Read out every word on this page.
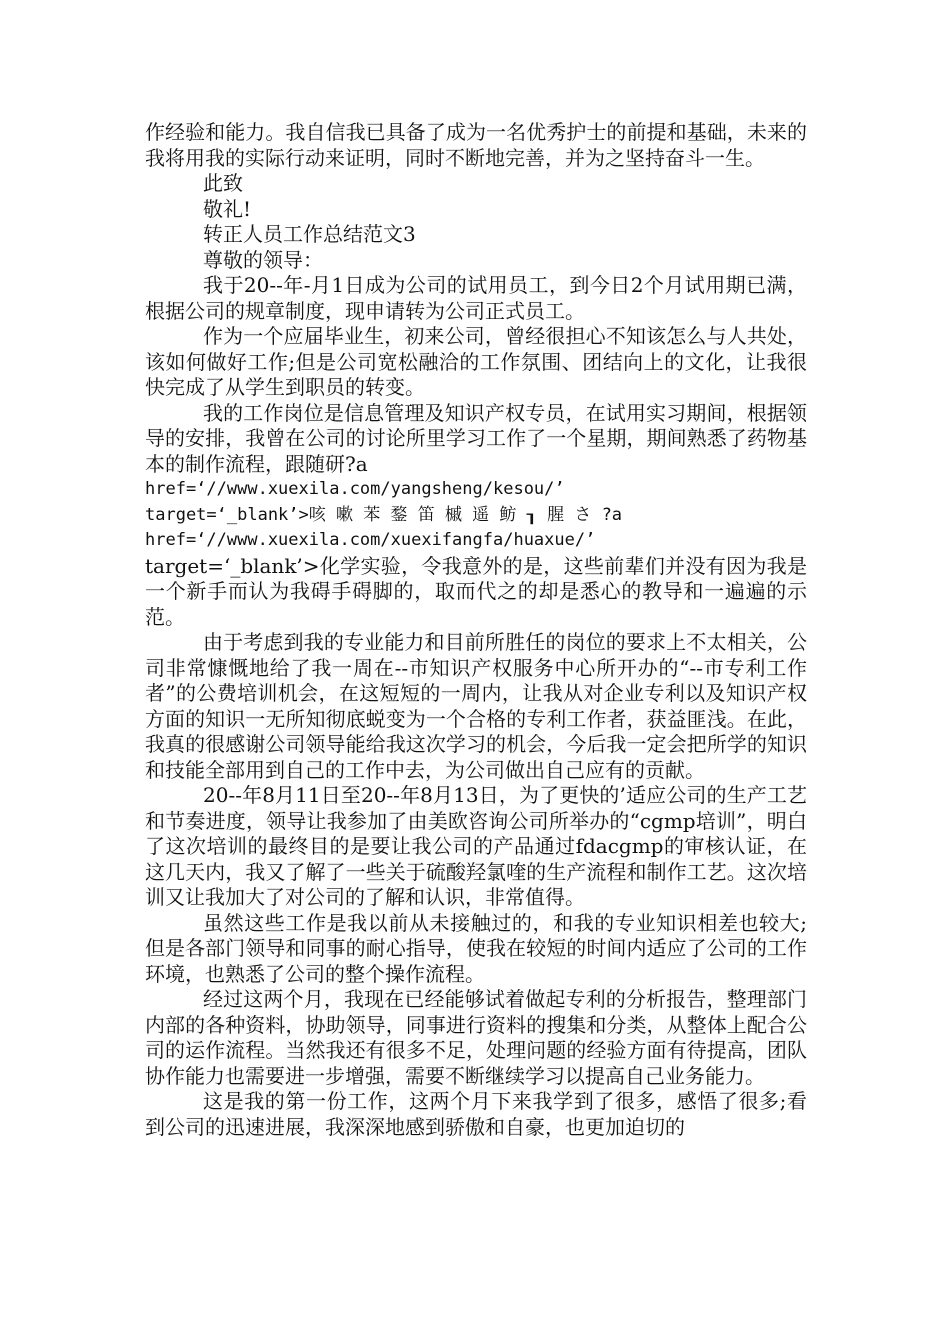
作经验和能力。我自信我已具备了成为一名优秀护士的前提和基础，未来的我将用我的实际行动来证明，同时不断地完善，并为之坚持奋斗一生。

此致

敬礼!

转正人员工作总结范文3

尊敬的领导：

我于20--年-月1日成为公司的试用员工，到今日2个月试用期已满，根据公司的规章制度，现申请转为公司正式员工。

作为一个应届毕业生，初来公司，曾经很担心不知该怎么与人共处，该如何做好工作;但是公司宽松融洽的工作氛围、团结向上的文化，让我很快完成了从学生到职员的转变。

我的工作岗位是信息管理及知识产权专员，在试用实习期间，根据领导的安排，我曾在公司的讨论所里学习工作了一个星期，期间熟悉了药物基本的制作流程，跟随研?a

href=‘//www.xuexila.com/yangsheng/kesou/’
target=‘_blank’>咳 嗽 苯 鍪 笛 槭 遥 鲂 ┒ 腥 さ ?a
href=‘//www.xuexila.com/xuexifangfa/huaxue/’

target=‘_blank’>化学实验，令我意外的是，这些前辈们并没有因为我是一个新手而认为我碍手碍脚的，取而代之的却是悉心的教导和一遍遍的示范。

由于考虑到我的专业能力和目前所胜任的岗位的要求上不太相关，公司非常慷慨地给了我一周在--市知识产权服务中心所开办的“--市专利工作者”的公费培训机会，在这短短的一周内，让我从对企业专利以及知识产权方面的知识一无所知彻底蜕变为一个合格的专利工作者，获益匪浅。在此，我真的很感谢公司领导能给我这次学习的机会，今后我一定会把所学的知识和技能全部用到自己的工作中去，为公司做出自己应有的贡献。

20--年8月11日至20--年8月13日，为了更快的’适应公司的生产工艺和节奏进度，领导让我参加了由美欧咨询公司所举办的“cgmp培训”，明白了这次培训的最终目的是要让我公司的产品通过fdacgmp的审核认证，在这几天内，我又了解了一些关于硫酸羟氯喹的生产流程和制作工艺。这次培训又让我加大了对公司的了解和认识，非常值得。

虽然这些工作是我以前从未接触过的，和我的专业知识相差也较大;但是各部门领导和同事的耐心指导，使我在较短的时间内适应了公司的工作环境，也熟悉了公司的整个操作流程。

经过这两个月，我现在已经能够试着做起专利的分析报告，整理部门内部的各种资料，协助领导，同事进行资料的搜集和分类，从整体上配合公司的运作流程。当然我还有很多不足，处理问题的经验方面有待提高，团队协作能力也需要进一步增强，需要不断继续学习以提高自己业务能力。

这是我的第一份工作，这两个月下来我学到了很多，感悟了很多;看到公司的迅速进展，我深深地感到骄傲和自豪，也更加迫切的
